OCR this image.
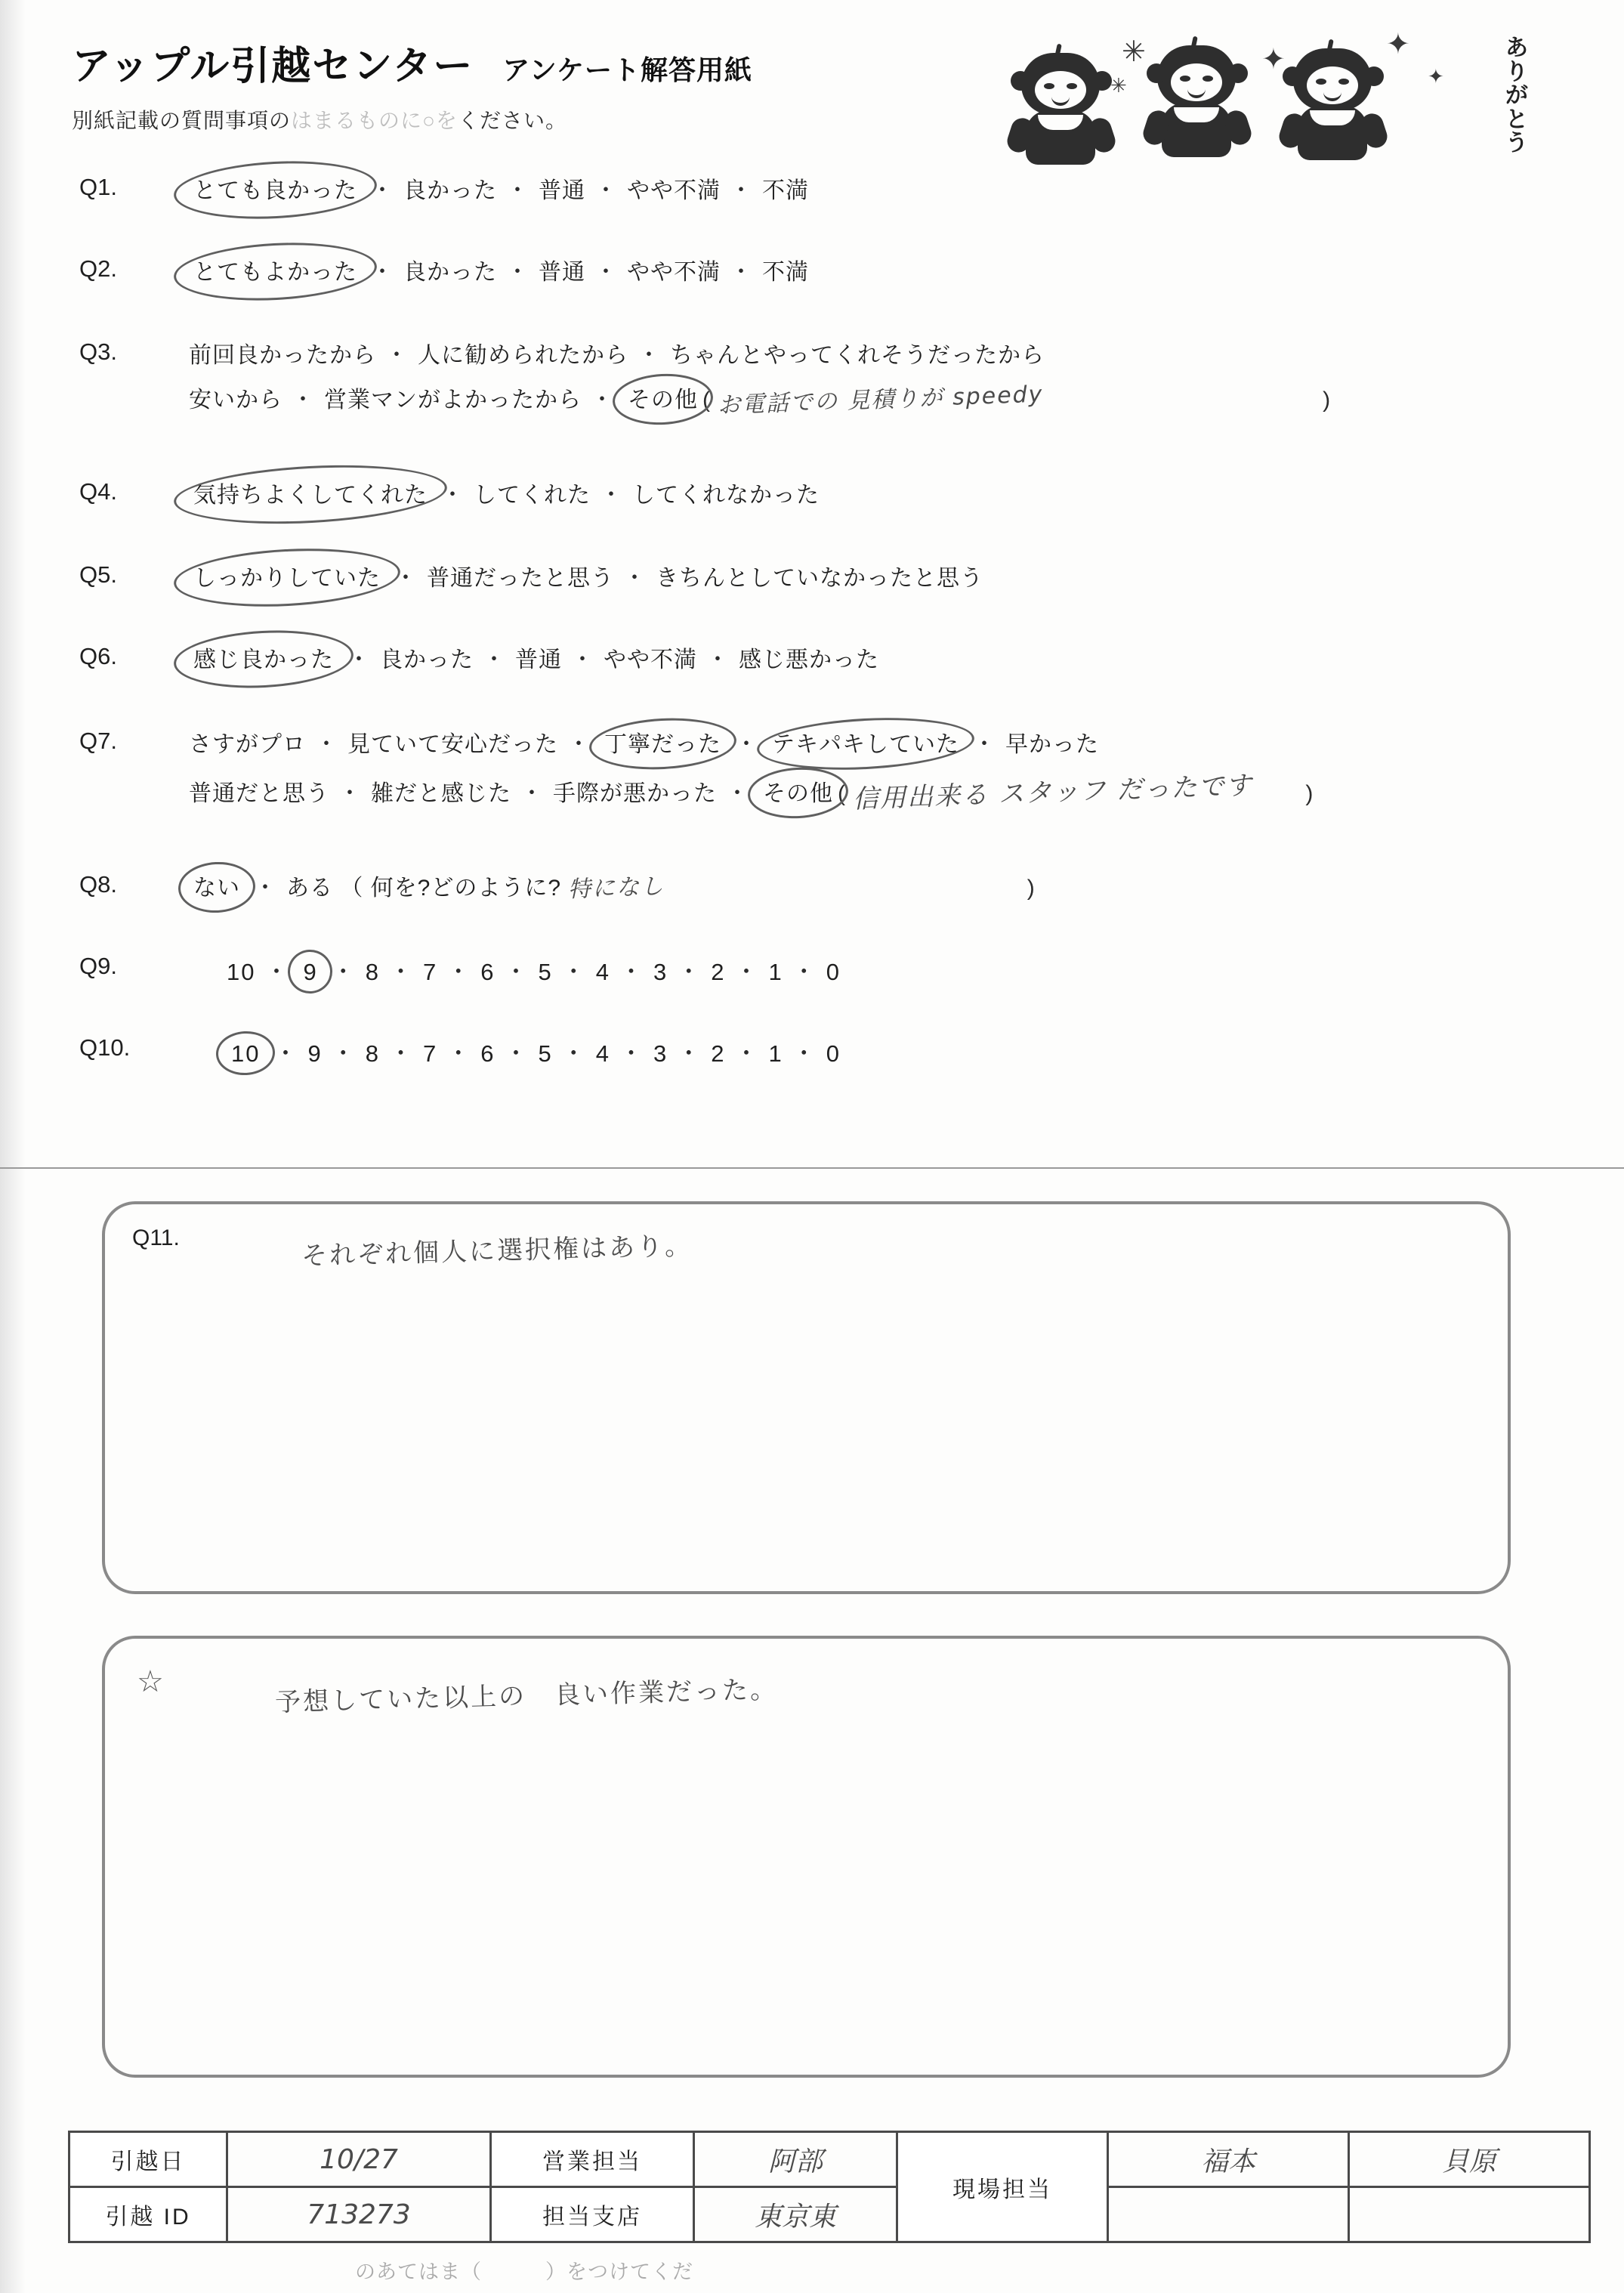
アップル引越センター アンケート解答用紙
別紙記載の質問事項のはまるものに○をください。
✳
✳
✦	✦
✦
ありがとう
Q1.	とても良かった ・ 良かった ・ 普通 ・ やや不満 ・ 不満
Q2.	とてもよかった ・ 良かった ・ 普通 ・ やや不満 ・ 不満
Q3.	前回良かったから ・ 人に勧められたから ・ ちゃんとやってくれそうだったから
安いから ・ 営業マンがよかったから ・ その他 ( お電話での 見積りが speedy	)
Q4.	気持ちよくしてくれた ・ してくれた ・ してくれなかった
Q5.	しっかりしていた ・ 普通だったと思う ・ きちんとしていなかったと思う
Q6.	感じ良かった ・ 良かった ・ 普通 ・ やや不満 ・ 感じ悪かった
Q7.	さすがプロ ・ 見ていて安心だった ・ 丁寧だった ・ テキパキしていた ・ 早かった
普通だと思う ・ 雑だと感じた ・ 手際が悪かった ・ その他 ( 信用出来る スタッフ だったです )
Q8.	ない ・ ある （ 何を?どのように? 特になし	)
Q9.	10 ・ 9 ・ 8 ・ 7 ・ 6 ・ 5 ・ 4 ・ 3 ・ 2 ・ 1 ・ 0
Q10.	10 ・ 9 ・ 8 ・ 7 ・ 6 ・ 5 ・ 4 ・ 3 ・ 2 ・ 1 ・ 0
Q11.	それぞれ個人に選択権はあり。
☆	予想していた以上の　良い作業だった。
引越日	10/27	営業担当	阿部	現場担当	福本	貝原
引越 ID	713273	担当支店	東京東			
のあてはま（　　　）をつけてくだ
